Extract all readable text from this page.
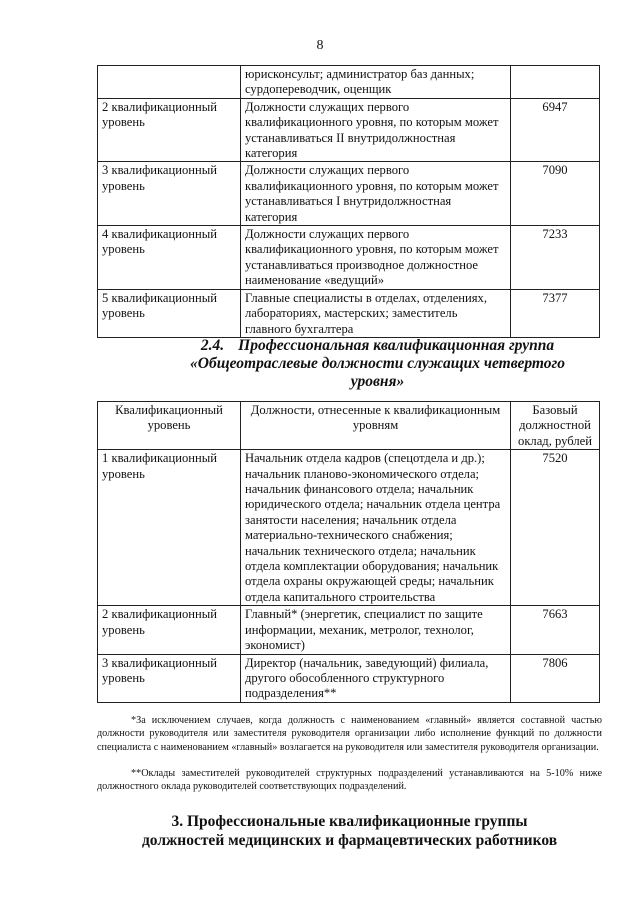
8
	юрисконсульт; администратор баз данных; сурдопереводчик, оценщик	
2 квалификационный уровень	Должности служащих первого квалификационного уровня, по которым может устанавливаться II внутридолжностная категория	6947
3 квалификационный уровень	Должности служащих первого квалификационного уровня, по которым может устанавливаться I внутридолжностная категория	7090
4 квалификационный уровень	Должности служащих первого квалификационного уровня, по которым может устанавливаться производное должностное наименование «ведущий»	7233
5 квалификационный уровень	Главные специалисты в отделах, отделениях, лабораториях, мастерских; заместитель главного бухгалтера	7377
2.4. Профессиональная квалификационная группа
«Общеотраслевые должности служащих четвертого
уровня»
Квалификационный уровень	Должности, отнесенные к квалификационным уровням	Базовый должностной оклад, рублей
1 квалификационный уровень	Начальник отдела кадров (спецотдела и др.); начальник планово-экономического отдела; начальник финансового отдела; начальник юридического отдела; начальник отдела центра занятости населения; начальник отдела материально-технического снабжения; начальник технического отдела; начальник отдела комплектации оборудования; начальник отдела охраны окружающей среды; начальник отдела капитального строительства	7520
2 квалификационный уровень	Главный* (энергетик, специалист по защите информации, механик, метролог, технолог, экономист)	7663
3 квалификационный уровень	Директор (начальник, заведующий) филиала, другого обособленного структурного подразделения**	7806

*За исключением случаев, когда должность с наименованием «главный» является составной частью должности руководителя или заместителя руководителя организации либо исполнение функций по должности специалиста с наименованием «главный» возлагается на руководителя или заместителя руководителя организации.

**Оклады заместителей руководителей структурных подразделений устанавливаются на 5-10% ниже должностного оклада руководителей соответствующих подразделений.

3. Профессиональные квалификационные группы
должностей медицинских и фармацевтических работников
